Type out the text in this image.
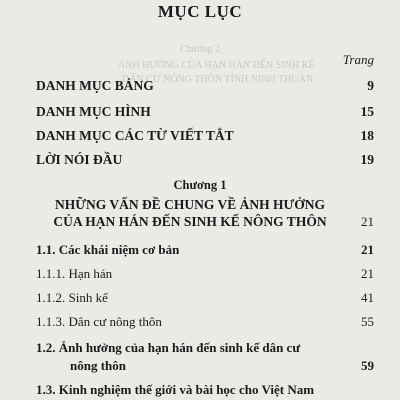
Chương 2
ẢNH HƯỞNG CỦA HẠN HÁN ĐẾN SINH KẾ
DÂN CƯ NÔNG THÔN TỈNH NINH THUẬN
MỤC LỤC
Trang
DANH MỤC BẢNG	9
DANH MỤC HÌNH	15
DANH MỤC CÁC TỪ VIẾT TẮT	18
LỜI NÓI ĐẦU	19
Chương 1
NHỮNG VẤN ĐỀ CHUNG VỀ ẢNH HƯỞNG
CỦA HẠN HÁN ĐẾN SINH KẾ NÔNG THÔN	21
1.1. Các khái niệm cơ bản	21
1.1.1. Hạn hán	21
1.1.2. Sinh kế	41
1.1.3. Dân cư nông thôn	55
1.2. Ảnh hưởng của hạn hán đến sinh kế dân cư
nông thôn	59
1.3. Kinh nghiệm thế giới và bài học cho Việt Nam
